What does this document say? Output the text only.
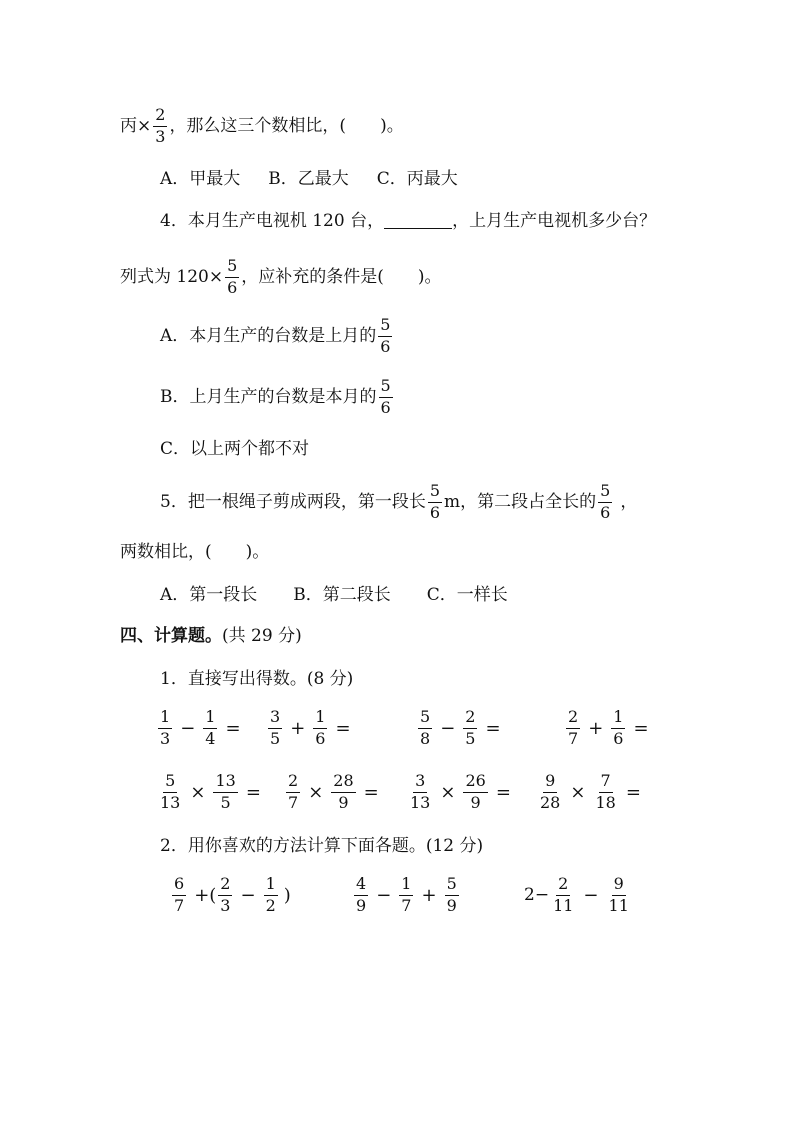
丙× $\frac{2}{3}$ ，那么这三个数相比，(　　)。
A．甲最大 B．乙最大 C．丙最大
4．本月生产电视机 120 台，	，上月生产电视机多少台？
列式为 $120\times \frac{5}{6}$ ，应补充的条件是(　　)。
A．本月生产的台数是上月的 $\frac{5}{6}$
B．上月生产的台数是本月的 $\frac{5}{6}$
C．以上两个都不对
5．把一根绳子剪成两段，第一段长 $\frac{5}{6}$ m，第二段占全长的 $\frac{5}{6}$ ，
两数相比，(　　)。
A．第一段长 B．第二段长 C．一样长
四、计算题。 (共 29 分)
1．直接写出得数。(8 分)
$\frac{1}{3} - \frac{1}{4} = \frac{3}{5} + \frac{1}{6}$ =	$\frac{5}{8} - \frac{2}{5}$ =	$\frac{2}{7} + \frac{1}{6}$ =
$\frac{5}{13} \times \frac{13}{5} = \frac{2}{7} \times \frac{28}{9} = \frac{3}{13} \times \frac{26}{9} = \frac{9}{28} \times \frac{7}{18}$ =
2．用你喜欢的方法计算下面各题。(12 分)
$\frac{6}{7}$ +( $\frac{2}{3} - \frac{1}{2}$ )	$\frac{4}{9} - \frac{1}{7} + \frac{5}{9}$	$2- \frac{2}{11} - \frac{9}{11}$
